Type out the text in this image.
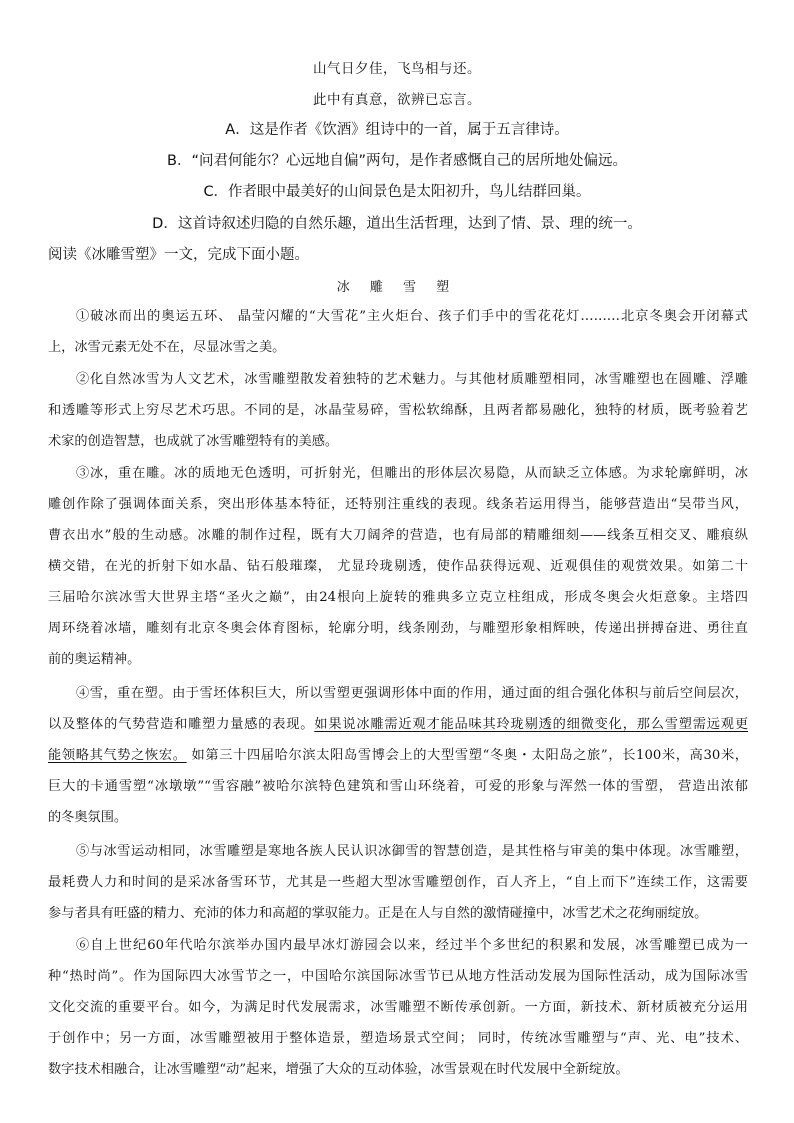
山气日夕佳，飞鸟相与还。
此中有真意，欲辨已忘言。
A．这是作者《饮酒》组诗中的一首，属于五言律诗。
B．“问君何能尔？心远地自偏”两句，是作者感慨自己的居所地处偏远。
C．作者眼中最美好的山间景色是太阳初升，鸟儿结群回巢。
D．这首诗叙述归隐的自然乐趣，道出生活哲理，达到了情、景、理的统一。
阅读《冰雕雪塑》一文，完成下面小题。
冰 雕 雪 塑
①破冰而出的奥运五环、 晶莹闪耀的“大雪花”主火炬台、孩子们手中的雪花花灯………北京冬奥会开闭幕式
上，冰雪元素无处不在，尽显冰雪之美。
②化自然冰雪为人文艺术，冰雪雕塑散发着独特的艺术魅力。与其他材质雕塑相同，冰雪雕塑也在圆雕、浮雕
和透雕等形式上穷尽艺术巧思。不同的是，冰晶莹易碎，雪松软绵酥，且两者都易融化，独特的材质，既考验着艺
术家的创造智慧，也成就了冰雪雕塑特有的美感。
③冰，重在雕。冰的质地无色透明，可折射光，但雕出的形体层次易隐，从而缺乏立体感。为求轮廓鲜明，冰
雕创作除了强调体面关系，突出形体基本特征，还特别注重线的表现。线条若运用得当，能够营造出“吴带当风，
曹衣出水”般的生动感。冰雕的制作过程，既有大刀阔斧的营造，也有局部的精雕细刻——线条互相交叉、雕痕纵
横交错，在光的折射下如水晶、钻石般璀璨， 尤显玲珑剔透，使作品获得远观、近观俱佳的观赏效果。如第二十
三届哈尔滨冰雪大世界主塔“圣火之巅”，由24根向上旋转的雅典多立克立柱组成，形成冬奥会火炬意象。主塔四
周环绕着冰墙，雕刻有北京冬奥会体育图标，轮廓分明，线条刚劲，与雕塑形象相辉映，传递出拼搏奋进、勇往直
前的奥运精神。
④雪，重在塑。由于雪坯体积巨大，所以雪塑更强调形体中面的作用，通过面的组合强化体积与前后空间层次，
以及整体的气势营造和雕塑力量感的表现。如果说冰雕需近观才能品味其玲珑剔透的细微变化，那么雪塑需远观更
能领略其气势之恢宏。 如第三十四届哈尔滨太阳岛雪博会上的大型雪塑“冬奥・太阳岛之旅”，长100米，高30米，
巨大的卡通雪塑“冰墩墩”“雪容融”被哈尔滨特色建筑和雪山环绕着，可爱的形象与浑然一体的雪塑， 营造出浓郁
的冬奥氛围。
⑤与冰雪运动相同，冰雪雕塑是寒地各族人民认识冰御雪的智慧创造，是其性格与审美的集中体现。冰雪雕塑，
最耗费人力和时间的是采冰备雪环节，尤其是一些超大型冰雪雕塑创作，百人齐上，“自上而下”连续工作，这需要
参与者具有旺盛的精力、充沛的体力和高超的掌驭能力。正是在人与自然的激情碰撞中，冰雪艺术之花绚丽绽放。
⑥自上世纪60年代哈尔滨举办国内最早冰灯游园会以来，经过半个多世纪的积累和发展，冰雪雕塑已成为一
种“热时尚”。作为国际四大冰雪节之一，中国哈尔滨国际冰雪节已从地方性活动发展为国际性活动，成为国际冰雪
文化交流的重要平台。如今，为满足时代发展需求，冰雪雕塑不断传承创新。一方面，新技术、新材质被充分运用
于创作中；另一方面，冰雪雕塑被用于整体造景，塑造场景式空间； 同时，传统冰雪雕塑与“声、光、电”技术、
数字技术相融合，让冰雪雕塑“动”起来，增强了大众的互动体验，冰雪景观在时代发展中全新绽放。
